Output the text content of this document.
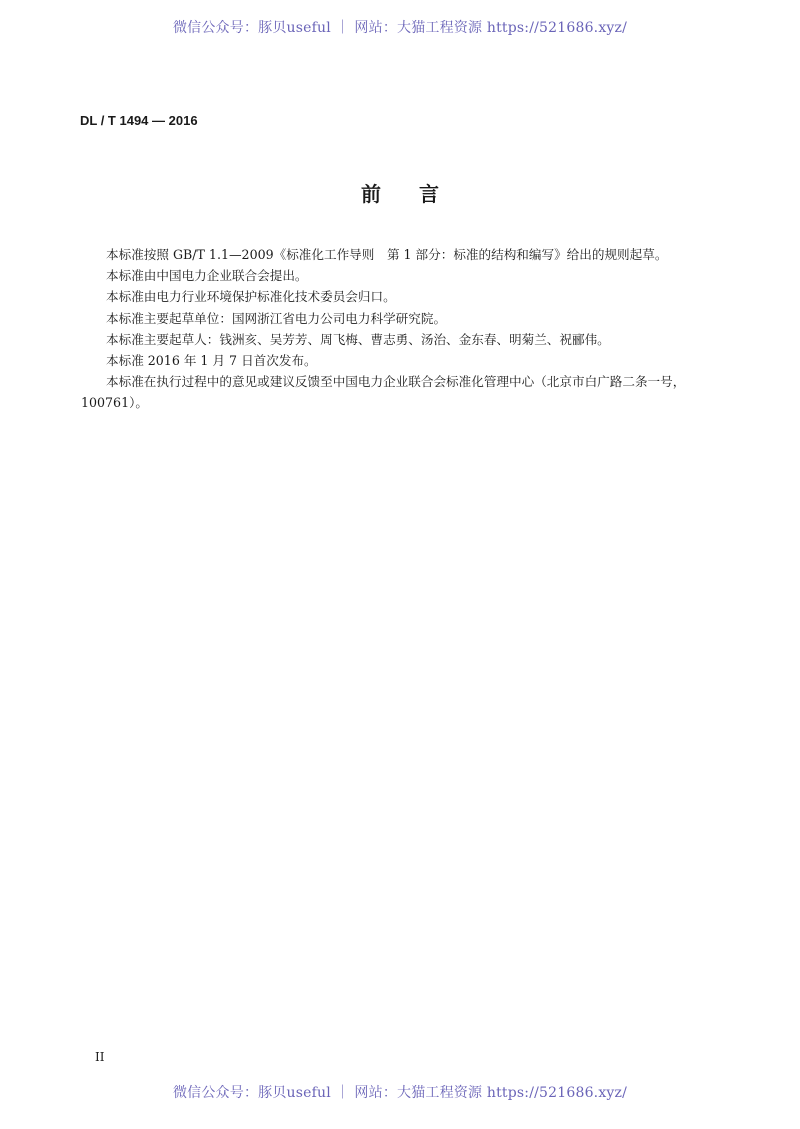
微信公众号：豚贝useful ｜ 网站：大猫工程资源 https://521686.xyz/
DL / T 1494 — 2016
前言

本标准按照 GB/T 1.1—2009《标准化工作导则　第 1 部分：标准的结构和编写》给出的规则起草。

本标准由中国电力企业联合会提出。

本标准由电力行业环境保护标准化技术委员会归口。

本标准主要起草单位：国网浙江省电力公司电力科学研究院。

本标准主要起草人：钱洲亥、吴芳芳、周飞梅、曹志勇、汤治、金东春、明菊兰、祝郦伟。

本标准 2016 年 1 月 7 日首次发布。

本标准在执行过程中的意见或建议反馈至中国电力企业联合会标准化管理中心（北京市白广路二条一号，100761）。

II
微信公众号：豚贝useful ｜ 网站：大猫工程资源 https://521686.xyz/
